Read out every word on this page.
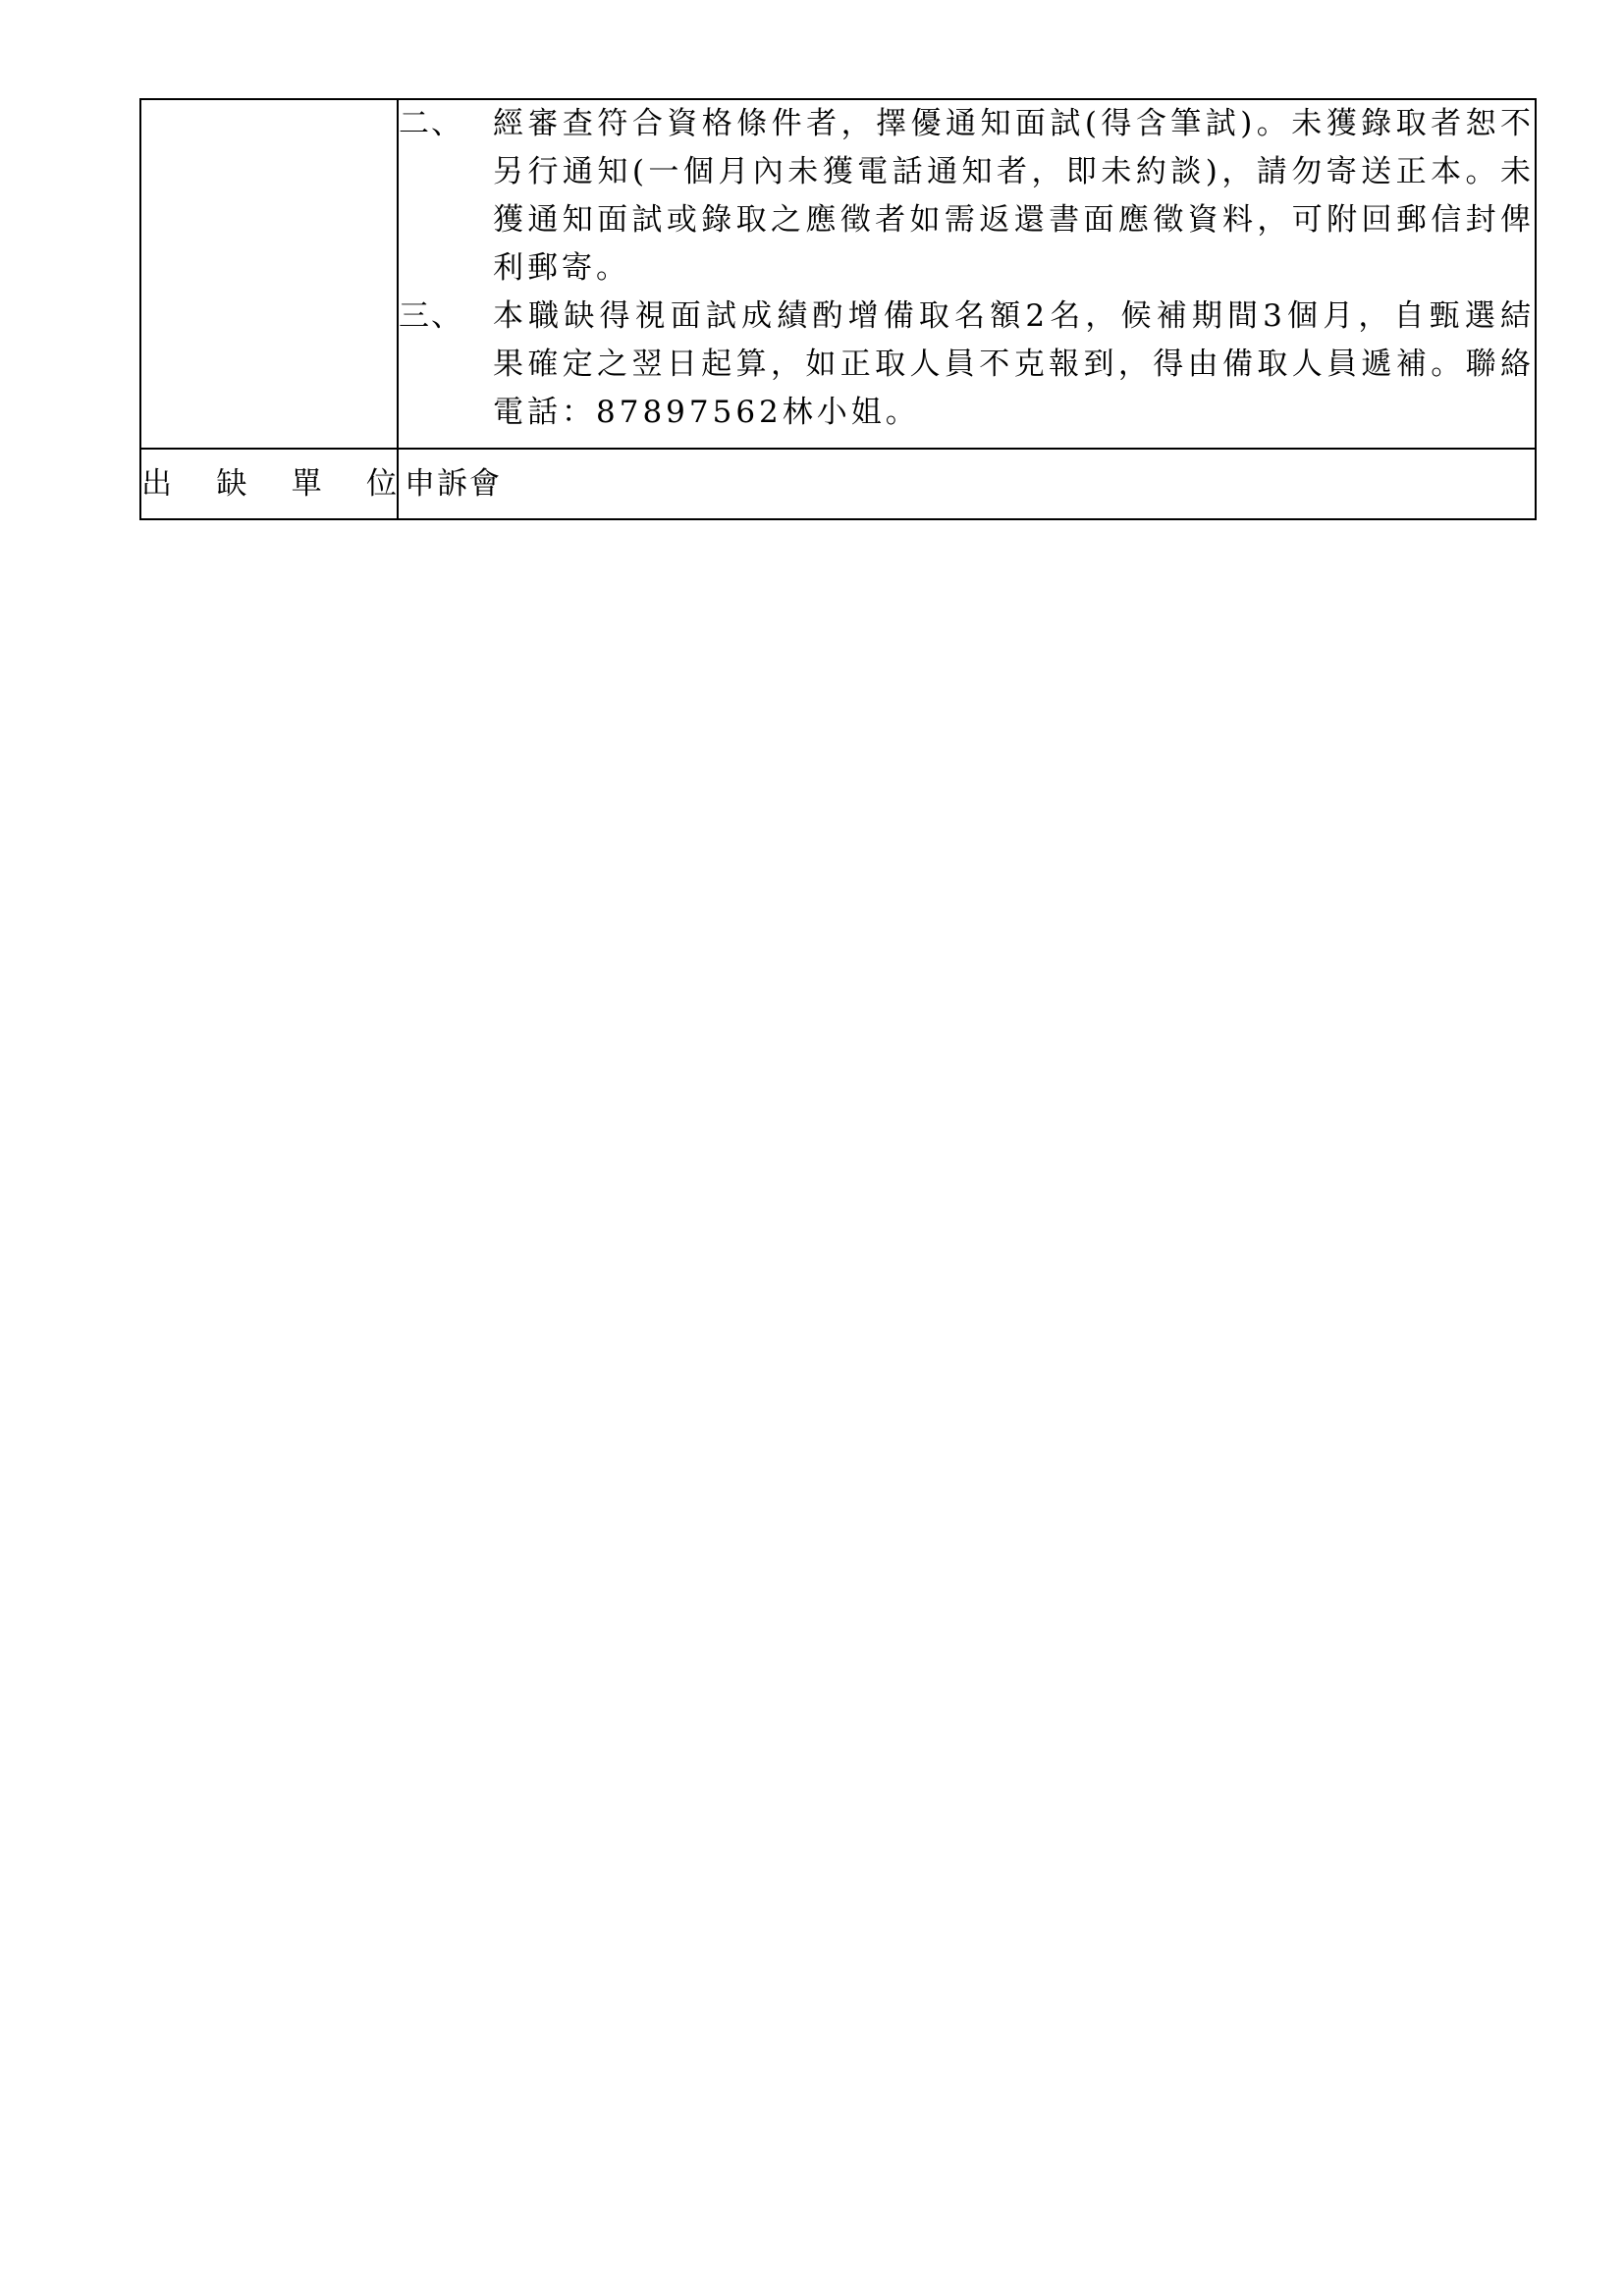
	二、 經審查符合資格條件者，擇優通知面試(得含筆試)。未獲錄取者恕不另行通知(一個月內未獲電話通知者，即未約談)，請勿寄送正本。未獲通知面試或錄取之應徵者如需返還書面應徵資料，可附回郵信封俾利郵寄。
三、 本職缺得視面試成績酌增備取名額2名，候補期間3個月，自甄選結果確定之翌日起算，如正取人員不克報到，得由備取人員遞補。聯絡電話：87897562林小姐。

出 缺 單 位	申訴會
